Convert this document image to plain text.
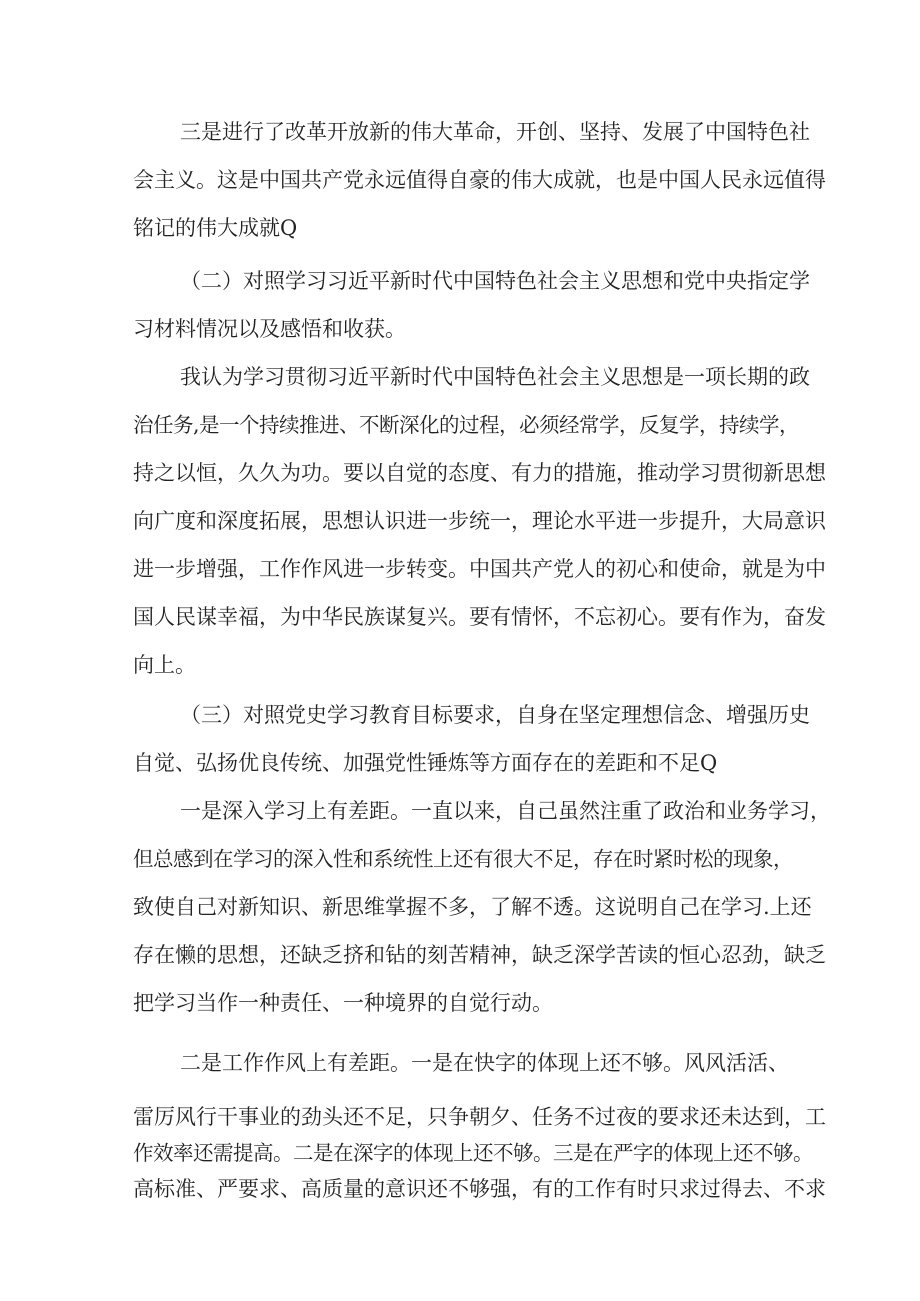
三是进行了改革开放新的伟大革命，开创、坚持、发展了中国特色社
会主义。这是中国共产党永远值得自豪的伟大成就，也是中国人民永远值得
铭记的伟大成就Q
（二）对照学习习近平新时代中国特色社会主义思想和党中央指定学
习材料情况以及感悟和收获。
我认为学习贯彻习近平新时代中国特色社会主义思想是一项长期的政
治任务,是一个持续推进、不断深化的过程，必须经常学，反复学，持续学，
持之以恒，久久为功。要以自觉的态度、有力的措施，推动学习贯彻新思想
向广度和深度拓展，思想认识进一步统一，理论水平进一步提升，大局意识
进一步增强，工作作风进一步转变。中国共产党人的初心和使命，就是为中
国人民谋幸福，为中华民族谋复兴。要有情怀，不忘初心。要有作为，奋发
向上。
（三）对照党史学习教育目标要求，自身在坚定理想信念、增强历史
自觉、弘扬优良传统、加强党性锤炼等方面存在的差距和不足Q
一是深入学习上有差距。一直以来，自己虽然注重了政治和业务学习，
但总感到在学习的深入性和系统性上还有很大不足，存在时紧时松的现象，
致使自己对新知识、新思维掌握不多，了解不透。这说明自己在学习.上还
存在懒的思想，还缺乏挤和钻的刻苦精神，缺乏深学苦读的恒心忍劲，缺乏
把学习当作一种责任、一种境界的自觉行动。
二是工作作风上有差距。一是在快字的体现上还不够。风风活活、
雷厉风行干事业的劲头还不足，只争朝夕、任务不过夜的要求还未达到，工
作效率还需提高。二是在深字的体现上还不够。三是在严字的体现上还不够。
高标准、严要求、高质量的意识还不够强，有的工作有时只求过得去、不求
